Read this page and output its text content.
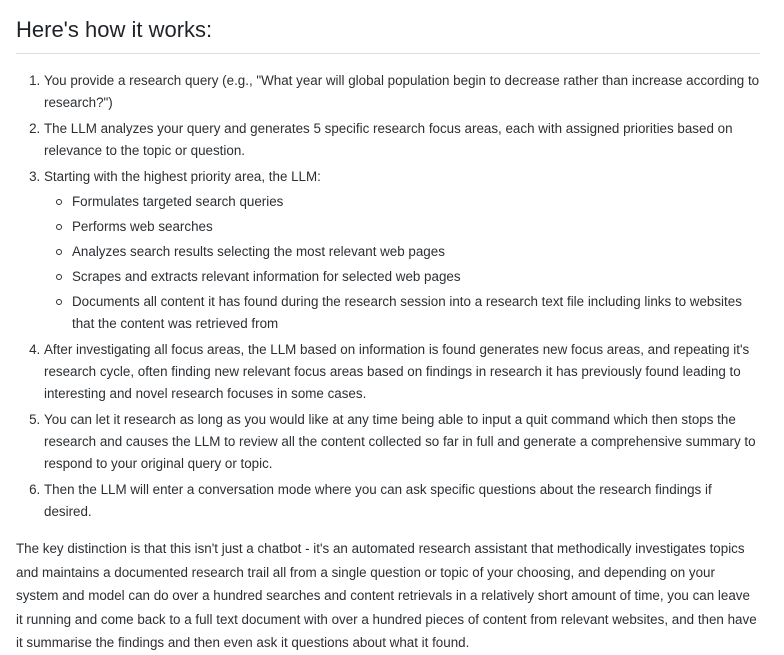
Here's how it works:
1. You provide a research query (e.g., "What year will global population begin to decrease rather than increase according to research?")
2. The LLM analyzes your query and generates 5 specific research focus areas, each with assigned priorities based on relevance to the topic or question.
3. Starting with the highest priority area, the LLM:
Formulates targeted search queries
Performs web searches
Analyzes search results selecting the most relevant web pages
Scrapes and extracts relevant information for selected web pages
Documents all content it has found during the research session into a research text file including links to websites that the content was retrieved from
4. After investigating all focus areas, the LLM based on information is found generates new focus areas, and repeating it's research cycle, often finding new relevant focus areas based on findings in research it has previously found leading to interesting and novel research focuses in some cases.
5. You can let it research as long as you would like at any time being able to input a quit command which then stops the research and causes the LLM to review all the content collected so far in full and generate a comprehensive summary to respond to your original query or topic.
6. Then the LLM will enter a conversation mode where you can ask specific questions about the research findings if desired.

The key distinction is that this isn't just a chatbot - it's an automated research assistant that methodically investigates topics and maintains a documented research trail all from a single question or topic of your choosing, and depending on your system and model can do over a hundred searches and content retrievals in a relatively short amount of time, you can leave it running and come back to a full text document with over a hundred pieces of content from relevant websites, and then have it summarise the findings and then even ask it questions about what it found.
